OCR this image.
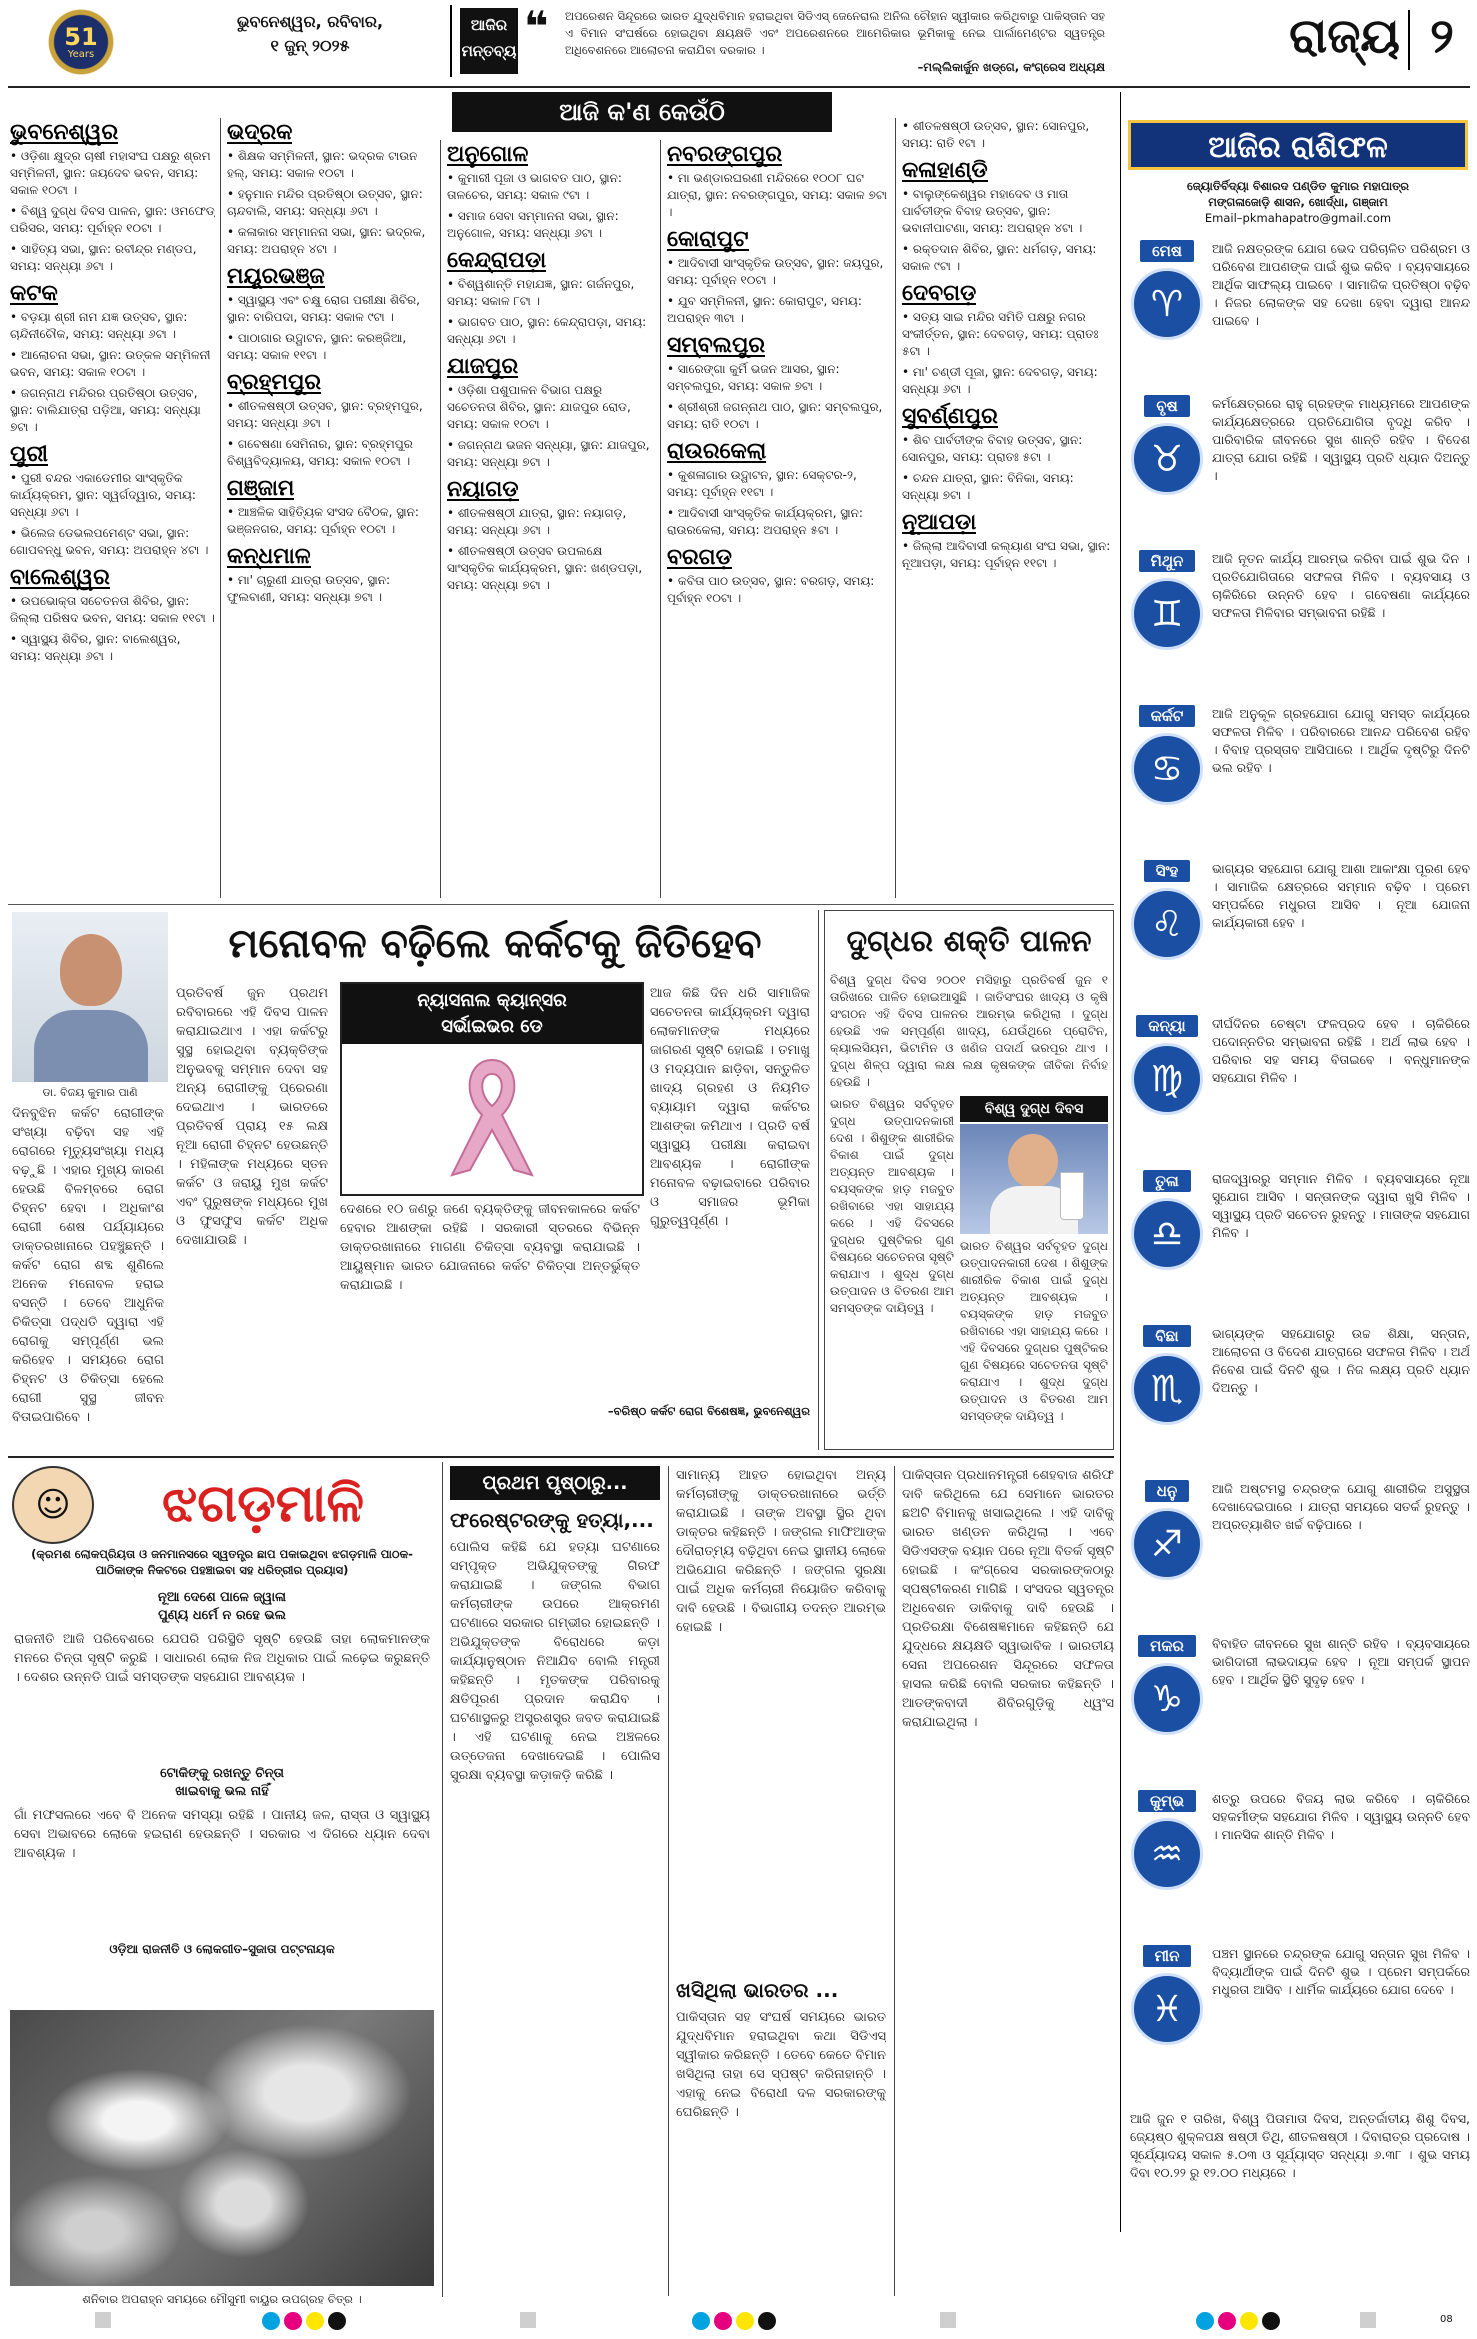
51
Years
ଭୁବନେଶ୍ୱର, ରବିବାର,
୧ ଜୁନ୍ ୨୦୨୫
ଆଜିର
ମନ୍ତବ୍ୟ ❝ ଅପରେଶନ ସିନ୍ଦୂରରେ ଭାରତ ଯୁଦ୍ଧବିମାନ ହରାଇଥିବା ସିଡିଏସ୍ ଜେନେରାଲ ଅନିଲ ଚୌହାନ ସ୍ୱୀକାର କରିଥିବାରୁ ପାକିସ୍ତାନ ସହ ଏ ବିମାନ ସଂଘର୍ଷରେ ହୋଇଥିବା କ୍ଷୟକ୍ଷତି ଏବଂ ଅପରେଶନରେ ଆମେରିକାର ଭୂମିକାକୁ ନେଇ ପାର୍ଲାମେଣ୍ଟର ସ୍ୱତନ୍ତ୍ର ଅଧିବେଶନରେ ଆଲୋଚନା କରାଯିବା ଦରକାର ।
–ମଲ୍ଲିକାର୍ଜୁନ ଖଡ୍ଗେ, କଂଗ୍ରେସ ଅଧ୍ୟକ୍ଷ
ରାଜ୍ୟ ୨
ଆଜି କ'ଣ କେଉଁଠି
ଭୁବନେଶ୍ୱର
• ଓଡ଼ିଶା କ୍ଷୁଦ୍ର ଚାଷୀ ମହାସଂଘ ପକ୍ଷରୁ ଶ୍ରମ ସମ୍ମିଳନୀ, ସ୍ଥାନ: ଜୟଦେବ ଭବନ, ସମୟ: ସକାଳ ୧୦ଟା ।
• ବିଶ୍ୱ ଦୁଗ୍ଧ ଦିବସ ପାଳନ, ସ୍ଥାନ: ଓମଫେଡ୍ ପରିସର, ସମୟ: ପୂର୍ବାହ୍ନ ୧୦ଟା ।
• ସାହିତ୍ୟ ସଭା, ସ୍ଥାନ: ରବୀନ୍ଦ୍ର ମଣ୍ଡପ, ସମୟ: ସନ୍ଧ୍ୟା ୬ଟା ।
କଟକ
• ବଡ଼ୟା ଶ୍ରୀ ନାମ ଯଜ୍ଞ ଉତ୍ସବ, ସ୍ଥାନ: ଚାନ୍ଦିନୀଚୌକ, ସମୟ: ସନ୍ଧ୍ୟା ୬ଟା ।
• ଆଲୋଚନା ସଭା, ସ୍ଥାନ: ଉତ୍କଳ ସମ୍ମିଳନୀ ଭବନ, ସମୟ: ସକାଳ ୧୦ଟା ।
• ଜଗନ୍ନାଥ ମନ୍ଦିରର ପ୍ରତିଷ୍ଠା ଉତ୍ସବ, ସ୍ଥାନ: ବାଲିଯାତ୍ରା ପଡ଼ିଆ, ସମୟ: ସନ୍ଧ୍ୟା ୭ଟା ।
ପୁରୀ
• ପୁରୀ ବନ୍ଦର ଏକାଡେମୀର ସାଂସ୍କୃତିକ କାର୍ଯ୍ୟକ୍ରମ, ସ୍ଥାନ: ସ୍ୱର୍ଗଦ୍ୱାର, ସମୟ: ସନ୍ଧ୍ୟା ୬ଟା ।
• ଭିଲେଜ ଡେଭଲପମେଣ୍ଟ ସଭା, ସ୍ଥାନ: ଗୋପବନ୍ଧୁ ଭବନ, ସମୟ: ଅପରାହ୍ନ ୪ଟା ।
ବାଲେଶ୍ୱର
• ଉପଭୋକ୍ତା ସଚେତନତା ଶିବିର, ସ୍ଥାନ: ଜିଲ୍ଲା ପରିଷଦ ଭବନ, ସମୟ: ସକାଳ ୧୧ଟା ।
• ସ୍ୱାସ୍ଥ୍ୟ ଶିବିର, ସ୍ଥାନ: ବାଲେଶ୍ୱର, ସମୟ: ସନ୍ଧ୍ୟା ୬ଟା ।
ଭଦ୍ରକ
• ଶିକ୍ଷକ ସମ୍ମିଳନୀ, ସ୍ଥାନ: ଭଦ୍ରକ ଟାଉନ ହଲ୍, ସମୟ: ସକାଳ ୧୦ଟା ।
• ହନୁମାନ ମନ୍ଦିର ପ୍ରତିଷ୍ଠା ଉତ୍ସବ, ସ୍ଥାନ: ଚାନ୍ଦବାଲି, ସମୟ: ସନ୍ଧ୍ୟା ୬ଟା ।
• କଳାକାର ସମ୍ମାନନା ସଭା, ସ୍ଥାନ: ଭଦ୍ରକ, ସମୟ: ଅପରାହ୍ନ ୪ଟା ।
ମୟୂରଭଞ୍ଜ
• ସ୍ୱାସ୍ଥ୍ୟ ଏବଂ ଚକ୍ଷୁ ରୋଗ ପରୀକ୍ଷା ଶିବିର, ସ୍ଥାନ: ବାରିପଦା, ସମୟ: ସକାଳ ୯ଟା ।
• ପାଠାଗାର ଉଦ୍ଘାଟନ, ସ୍ଥାନ: କରଞ୍ଜିଆ, ସମୟ: ସକାଳ ୧୧ଟା ।
ବ୍ରହ୍ମପୁର
• ଶୀତଳଷଷ୍ଠୀ ଉତ୍ସବ, ସ୍ଥାନ: ବ୍ରହ୍ମପୁର, ସମୟ: ସନ୍ଧ୍ୟା ୬ଟା ।
• ଗବେଷଣା ସେମିନାର, ସ୍ଥାନ: ବ୍ରହ୍ମପୁର ବିଶ୍ୱବିଦ୍ୟାଳୟ, ସମୟ: ସକାଳ ୧୦ଟା ।
ଗଞ୍ଜାମ
• ଆଞ୍ଚଳିକ ସାହିତ୍ୟିକ ସଂସଦ ବୈଠକ, ସ୍ଥାନ: ଭଞ୍ଜନଗର, ସମୟ: ପୂର୍ବାହ୍ନ ୧୦ଟା ।
କନ୍ଧମାଳ
• ମା' ଚାରୁଣୀ ଯାତ୍ରା ଉତ୍ସବ, ସ୍ଥାନ: ଫୁଲବାଣୀ, ସମୟ: ସନ୍ଧ୍ୟା ୭ଟା ।
ଅନୁଗୋଳ
• କୁମାରୀ ପୂଜା ଓ ଭାଗବତ ପାଠ, ସ୍ଥାନ: ତାଳଚେର, ସମୟ: ସକାଳ ୯ଟା ।
• ସମାଜ ସେବା ସମ୍ମାନନା ସଭା, ସ୍ଥାନ: ଅନୁଗୋଳ, ସମୟ: ସନ୍ଧ୍ୟା ୬ଟା ।
କେନ୍ଦ୍ରାପଡ଼ା
• ବିଶ୍ୱଶାନ୍ତି ମହାଯଜ୍ଞ, ସ୍ଥାନ: ଗର୍ଜନପୁର, ସମୟ: ସକାଳ ୮ଟା ।
• ଭାଗବତ ପାଠ, ସ୍ଥାନ: କେନ୍ଦ୍ରାପଡ଼ା, ସମୟ: ସନ୍ଧ୍ୟା ୬ଟା ।
ଯାଜପୁର
• ଓଡ଼ିଶା ପଶୁପାଳନ ବିଭାଗ ପକ୍ଷରୁ ସଚେତନତା ଶିବିର, ସ୍ଥାନ: ଯାଜପୁର ରୋଡ, ସମୟ: ସକାଳ ୧୦ଟା ।
• ଜଗନ୍ନାଥ ଭଜନ ସନ୍ଧ୍ୟା, ସ୍ଥାନ: ଯାଜପୁର, ସମୟ: ସନ୍ଧ୍ୟା ୭ଟା ।
ନୟାଗଡ଼
• ଶୀତଳଷଷ୍ଠୀ ଯାତ୍ରା, ସ୍ଥାନ: ନୟାଗଡ଼, ସମୟ: ସନ୍ଧ୍ୟା ୬ଟା ।
• ଶୀତଳଷଷ୍ଠୀ ଉତ୍ସବ ଉପଲକ୍ଷେ ସାଂସ୍କୃତିକ କାର୍ଯ୍ୟକ୍ରମ, ସ୍ଥାନ: ଖଣ୍ଡପଡ଼ା, ସମୟ: ସନ୍ଧ୍ୟା ୭ଟା ।
ନବରଙ୍ଗପୁର
• ମା ଭଣ୍ଡାରଘରଣୀ ମନ୍ଦିରରେ ୧୦୦୮ ଘଟ ଯାତ୍ରା, ସ୍ଥାନ: ନବରଙ୍ଗପୁର, ସମୟ: ସକାଳ ୭ଟା ।
କୋରାପୁଟ
• ଆଦିବାସୀ ସାଂସ୍କୃତିକ ଉତ୍ସବ, ସ୍ଥାନ: ଜୟପୁର, ସମୟ: ପୂର୍ବାହ୍ନ ୧୦ଟା ।
• ଯୁବ ସମ୍ମିଳନୀ, ସ୍ଥାନ: କୋରାପୁଟ, ସମୟ: ଅପରାହ୍ନ ୩ଟା ।
ସମ୍ବଲପୁର
• ସାରେଙ୍ଗା କୁର୍ମି ଭଜନ ଆସର, ସ୍ଥାନ: ସମ୍ବଲପୁର, ସମୟ: ସକାଳ ୭ଟା ।
• ଶ୍ରୀଶ୍ରୀ ଜଗନ୍ନାଥ ପାଠ, ସ୍ଥାନ: ସମ୍ବଲପୁର, ସମୟ: ରାତି ୧୦ଟା ।
ରାଉରକେଲା
• କୁଶଳାଗାର ଉଦ୍ଘାଟନ, ସ୍ଥାନ: ସେକ୍ଟର-୨, ସମୟ: ପୂର୍ବାହ୍ନ ୧୧ଟା ।
• ଆଦିବାସୀ ସାଂସ୍କୃତିକ କାର୍ଯ୍ୟକ୍ରମ, ସ୍ଥାନ: ରାଉରକେଲା, ସମୟ: ଅପରାହ୍ନ ୫ଟା ।
ବରଗଡ଼
• କବିତା ପାଠ ଉତ୍ସବ, ସ୍ଥାନ: ବରଗଡ଼, ସମୟ: ପୂର୍ବାହ୍ନ ୧୦ଟା ।
• ଶୀତଳଷଷ୍ଠୀ ଉତ୍ସବ, ସ୍ଥାନ: ସୋନପୁର, ସମୟ: ରାତି ୧ଟା ।
କଳାହାଣ୍ଡି
• ବାଲୁଙ୍କେଶ୍ୱର ମହାଦେବ ଓ ମାତା ପାର୍ବତୀଙ୍କ ବିବାହ ଉତ୍ସବ, ସ୍ଥାନ: ଭବାନୀପାଟଣା, ସମୟ: ଅପରାହ୍ନ ୪ଟା ।
• ରକ୍ତଦାନ ଶିବିର, ସ୍ଥାନ: ଧର୍ମଗଡ଼, ସମୟ: ସକାଳ ୯ଟା ।
ଦେବଗଡ଼
• ସତ୍ୟ ସାଇ ମନ୍ଦିର ସମିତି ପକ୍ଷରୁ ନଗର ସଂକୀର୍ତ୍ତନ, ସ୍ଥାନ: ଦେବଗଡ଼, ସମୟ: ପ୍ରାତଃ ୫ଟା ।
• ମା' ଚଣ୍ଡୀ ପୂଜା, ସ୍ଥାନ: ଦେବଗଡ଼, ସମୟ: ସନ୍ଧ୍ୟା ୬ଟା ।
ସୁବର୍ଣ୍ଣପୁର
• ଶିବ ପାର୍ବତୀଙ୍କ ବିବାହ ଉତ୍ସବ, ସ୍ଥାନ: ସୋନପୁର, ସମୟ: ପ୍ରାତଃ ୫ଟା ।
• ଚନ୍ଦନ ଯାତ୍ରା, ସ୍ଥାନ: ବିନିକା, ସମୟ: ସନ୍ଧ୍ୟା ୭ଟା ।
ନୂଆପଡ଼ା
• ଜିଲ୍ଲା ଆଦିବାସୀ କଲ୍ୟାଣ ସଂଘ ସଭା, ସ୍ଥାନ: ନୂଆପଡ଼ା, ସମୟ: ପୂର୍ବାହ୍ନ ୧୧ଟା ।
ଆଜିର ରାଶିଫଳ
ଜ୍ୟୋତିର୍ବିଦ୍ୟା ବିଶାରଦ ପଣ୍ଡିତ କୁମାର ମହାପାତ୍ର
ମଙ୍ଗଳାଜୋଡ଼ି ଶାସନ, ଖୋର୍ଦ୍ଧା, ଗଞ୍ଜାମ
Email–pkmahapatro@gmail.com
ମେଷ
♈
ଆଜି ନକ୍ଷତ୍ରଙ୍କ ଯୋଗ ଭେଦ ପରିଚାଳିତ ପରିଶ୍ରମ ଓ ପରିବେଶ ଆପଣଙ୍କ ପାଇଁ ଶୁଭ କରିବ । ବ୍ୟବସାୟରେ ଆର୍ଥିକ ସାଫଲ୍ୟ ପାଇବେ । ସାମାଜିକ ପ୍ରତିଷ୍ଠା ବଢ଼ିବ । ନିଜର ଲୋକଙ୍କ ସହ ଦେଖା ହେବା ଦ୍ୱାରା ଆନନ୍ଦ ପାଇବେ ।
ବୃଷ
♉
କର୍ମକ୍ଷେତ୍ରରେ ରାହୁ ଗ୍ରହଙ୍କ ମାଧ୍ୟମରେ ଆପଣଙ୍କ କାର୍ଯ୍ୟକ୍ଷେତ୍ରରେ ପ୍ରତିଯୋଗିତା ବୃଦ୍ଧି କରିବ । ପାରିବାରିକ ଜୀବନରେ ସୁଖ ଶାନ୍ତି ରହିବ । ବିଦେଶ ଯାତ୍ରା ଯୋଗ ରହିଛି । ସ୍ୱାସ୍ଥ୍ୟ ପ୍ରତି ଧ୍ୟାନ ଦିଅନ୍ତୁ ।
ମିଥୁନ
♊
ଆଜି ନୂତନ କାର୍ଯ୍ୟ ଆରମ୍ଭ କରିବା ପାଇଁ ଶୁଭ ଦିନ । ପ୍ରତିଯୋଗିତାରେ ସଫଳତା ମିଳିବ । ବ୍ୟବସାୟ ଓ ଚାକିରିରେ ଉନ୍ନତି ହେବ । ଗବେଷଣା କାର୍ଯ୍ୟରେ ସଫଳତା ମିଳିବାର ସମ୍ଭାବନା ରହିଛି ।
କର୍କଟ
♋
ଆଜି ଅନୁକୂଳ ଗ୍ରହଯୋଗ ଯୋଗୁ ସମସ୍ତ କାର୍ଯ୍ୟରେ ସଫଳତା ମିଳିବ । ପରିବାରରେ ଆନନ୍ଦ ପରିବେଶ ରହିବ । ବିବାହ ପ୍ରସ୍ତାବ ଆସିପାରେ । ଆର୍ଥିକ ଦୃଷ୍ଟିରୁ ଦିନଟି ଭଲ ରହିବ ।
ସିଂହ
♌
ଭାଗ୍ୟର ସହଯୋଗ ଯୋଗୁ ଆଶା ଆକାଂକ୍ଷା ପୂରଣ ହେବ । ସାମାଜିକ କ୍ଷେତ୍ରରେ ସମ୍ମାନ ବଢ଼ିବ । ପ୍ରେମ ସମ୍ପର୍କରେ ମଧୁରତା ଆସିବ । ନୂଆ ଯୋଜନା କାର୍ଯ୍ୟକାରୀ ହେବ ।
କନ୍ୟା
♍
ଦୀର୍ଘଦିନର ଚେଷ୍ଟା ଫଳପ୍ରଦ ହେବ । ଚାକିରିରେ ପଦୋନ୍ନତିର ସମ୍ଭାବନା ରହିଛି । ଅର୍ଥ ଲାଭ ହେବ । ପରିବାର ସହ ସମୟ ବିତାଇବେ । ବନ୍ଧୁମାନଙ୍କ ସହଯୋଗ ମିଳିବ ।
ତୁଳା
♎
ରାଜଦ୍ୱାରରୁ ସମ୍ମାନ ମିଳିବ । ବ୍ୟବସାୟରେ ନୂଆ ସୁଯୋଗ ଆସିବ । ସନ୍ତାନଙ୍କ ଦ୍ୱାରା ଖୁସି ମିଳିବ । ସ୍ୱାସ୍ଥ୍ୟ ପ୍ରତି ସଚେତନ ରୁହନ୍ତୁ । ମାତାଙ୍କ ସହଯୋଗ ମିଳିବ ।
ବିଛା
♏
ଭାଗ୍ୟଙ୍କ ସହଯୋଗରୁ ଉଚ୍ଚ ଶିକ୍ଷା, ସନ୍ତାନ, ଆଲୋଚନା ଓ ବିଦେଶ ଯାତ୍ରାରେ ସଫଳତା ମିଳିବ । ଅର୍ଥ ନିବେଶ ପାଇଁ ଦିନଟି ଶୁଭ । ନିଜ ଲକ୍ଷ୍ୟ ପ୍ରତି ଧ୍ୟାନ ଦିଅନ୍ତୁ ।
ଧନୁ
♐
ଆଜି ଅଷ୍ଟମସ୍ଥ ଚନ୍ଦ୍ରଙ୍କ ଯୋଗୁ ଶାରୀରିକ ଅସୁସ୍ଥତା ଦେଖାଦେଇପାରେ । ଯାତ୍ରା ସମୟରେ ସତର୍କ ରୁହନ୍ତୁ । ଅପ୍ରତ୍ୟାଶିତ ଖର୍ଚ୍ଚ ବଢ଼ିପାରେ ।
ମକର
♑
ବିବାହିତ ଜୀବନରେ ସୁଖ ଶାନ୍ତି ରହିବ । ବ୍ୟବସାୟରେ ଭାଗିଦାରୀ ଲାଭଦାୟକ ହେବ । ନୂଆ ସମ୍ପର୍କ ସ୍ଥାପନ ହେବ । ଆର୍ଥିକ ସ୍ଥିତି ସୁଦୃଢ଼ ହେବ ।
କୁମ୍ଭ
♒
ଶତ୍ରୁ ଉପରେ ବିଜୟ ଲାଭ କରିବେ । ଚାକିରିରେ ସହକର୍ମୀଙ୍କ ସହଯୋଗ ମିଳିବ । ସ୍ୱାସ୍ଥ୍ୟ ଉନ୍ନତି ହେବ । ମାନସିକ ଶାନ୍ତି ମିଳିବ ।
ମୀନ
♓
ପଞ୍ଚମ ସ୍ଥାନରେ ଚନ୍ଦ୍ରଙ୍କ ଯୋଗୁ ସନ୍ତାନ ସୁଖ ମିଳିବ । ବିଦ୍ୟାର୍ଥୀଙ୍କ ପାଇଁ ଦିନଟି ଶୁଭ । ପ୍ରେମ ସମ୍ପର୍କରେ ମଧୁରତା ଆସିବ । ଧାର୍ମିକ କାର୍ଯ୍ୟରେ ଯୋଗ ଦେବେ ।
ଆଜି ଜୁନ ୧ ତାରିଖ, ବିଶ୍ୱ ପିତାମାତା ଦିବସ, ଅନ୍ତର୍ଜାତୀୟ ଶିଶୁ ଦିବସ, ଜ୍ୟେଷ୍ଠ ଶୁକ୍ଳପକ୍ଷ ଷଷ୍ଠୀ ତିଥି, ଶୀତଳଷଷ୍ଠୀ । ଦିବାରାତ୍ର ପ୍ରଦୋଷ । ସୂର୍ଯ୍ୟୋଦୟ ସକାଳ ୫.୦୩ ଓ ସୂର୍ଯ୍ୟାସ୍ତ ସନ୍ଧ୍ୟା ୬.୩୮ । ଶୁଭ ସମୟ ଦିବା ୧୦.୨୨ ରୁ ୧୨.୦୦ ମଧ୍ୟରେ ।
ଡା. ବିଜୟ କୁମାର ପାଣି
ମନୋବଳ ବଢ଼ିଲେ କର୍କଟକୁ ଜିତିହେବ
ଦିନବୁଝିନ କର୍କଟ ରୋଗୀଙ୍କ ସଂଖ୍ୟା ବଢ଼ିବା ସହ ଏହି ରୋଗରେ ମୃତ୍ୟୁସଂଖ୍ୟା ମଧ୍ୟ ବଢ଼ୁଛି । ଏହାର ମୁଖ୍ୟ କାରଣ ହେଉଛି ବିଳମ୍ବରେ ରୋଗ ଚିହ୍ନଟ ହେବା । ଅଧିକାଂଶ ରୋଗୀ ଶେଷ ପର୍ଯ୍ୟାୟରେ ଡାକ୍ତରଖାନାରେ ପହଞ୍ଚୁଛନ୍ତି । କର୍କଟ ରୋଗ ଶବ୍ଦ ଶୁଣିଲେ ଅନେକ ମନୋବଳ ହରାଇ ବସନ୍ତି । ତେବେ ଆଧୁନିକ ଚିକିତ୍ସା ପଦ୍ଧତି ଦ୍ୱାରା ଏହି ରୋଗକୁ ସମ୍ପୂର୍ଣ୍ଣ ଭଲ କରିହେବ । ସମୟରେ ରୋଗ ଚିହ୍ନଟ ଓ ଚିକିତ୍ସା ହେଲେ ରୋଗୀ ସୁସ୍ଥ ଜୀବନ ବିତାଇପାରିବେ ।
ପ୍ରତିବର୍ଷ ଜୁନ ପ୍ରଥମ ରବିବାରରେ ଏହି ଦିବସ ପାଳନ କରାଯାଇଥାଏ । ଏହା କର୍କଟରୁ ସୁସ୍ଥ ହୋଇଥିବା ବ୍ୟକ୍ତିଙ୍କ ଅନୁଭବକୁ ସମ୍ମାନ ଦେବା ସହ ଅନ୍ୟ ରୋଗୀଙ୍କୁ ପ୍ରେରଣା ଦେଇଥାଏ । ଭାରତରେ ପ୍ରତିବର୍ଷ ପ୍ରାୟ ୧୫ ଲକ୍ଷ ନୂଆ ରୋଗୀ ଚିହ୍ନଟ ହେଉଛନ୍ତି । ମହିଳାଙ୍କ ମଧ୍ୟରେ ସ୍ତନ କର୍କଟ ଓ ଜରାୟୁ ମୁଖ କର୍କଟ ଏବଂ ପୁରୁଷଙ୍କ ମଧ୍ୟରେ ମୁଖ ଓ ଫୁସଫୁସ କର୍କଟ ଅଧିକ ଦେଖାଯାଉଛି ।
ନ୍ୟାସନାଲ କ୍ୟାନ୍ସର
ସର୍ଭାଇଭର ଡେ
ଆଜ କିଛି ଦିନ ଧରି ସାମାଜିକ ସଚେତନତା କାର୍ଯ୍ୟକ୍ରମ ଦ୍ୱାରା ଲୋକମାନଙ୍କ ମଧ୍ୟରେ ଜାଗରଣ ସୃଷ୍ଟି ହୋଇଛି । ତମାଖୁ ଓ ମଦ୍ୟପାନ ଛାଡ଼ିବା, ସନ୍ତୁଳିତ ଖାଦ୍ୟ ଗ୍ରହଣ ଓ ନିୟମିତ ବ୍ୟାୟାମ ଦ୍ୱାରା କର୍କଟର ଆଶଙ୍କା କମିଥାଏ । ପ୍ରତି ବର୍ଷ ସ୍ୱାସ୍ଥ୍ୟ ପରୀକ୍ଷା କରାଇବା ଆବଶ୍ୟକ । ରୋଗୀଙ୍କ ମନୋବଳ ବଢ଼ାଇବାରେ ପରିବାର ଓ ସମାଜର ଭୂମିକା ଗୁରୁତ୍ୱପୂର୍ଣ୍ଣ ।
ଦେଶରେ ୧୦ ଜଣରୁ ଜଣେ ବ୍ୟକ୍ତିଙ୍କୁ ଜୀବନକାଳରେ କର୍କଟ ହେବାର ଆଶଙ୍କା ରହିଛି । ସରକାରୀ ସ୍ତରରେ ବିଭିନ୍ନ ଡାକ୍ତରଖାନାରେ ମାଗଣା ଚିକିତ୍ସା ବ୍ୟବସ୍ଥା କରାଯାଇଛି । ଆୟୁଷ୍ମାନ ଭାରତ ଯୋଜନାରେ କର୍କଟ ଚିକିତ୍ସା ଅନ୍ତର୍ଭୁକ୍ତ କରାଯାଇଛି ।
–ବରିଷ୍ଠ କର୍କଟ ରୋଗ ବିଶେଷଜ୍ଞ, ଭୁବନେଶ୍ୱର
ଦୁଗ୍ଧର ଶକ୍ତି ପାଳନ
ବିଶ୍ୱ ଦୁଗ୍ଧ ଦିବସ ୨୦୦୧ ମସିହାରୁ ପ୍ରତିବର୍ଷ ଜୁନ ୧ ତାରିଖରେ ପାଳିତ ହୋଇଆସୁଛି । ଜାତିସଂଘର ଖାଦ୍ୟ ଓ କୃଷି ସଂଗଠନ ଏହି ଦିବସ ପାଳନର ଆରମ୍ଭ କରିଥିଲା । ଦୁଗ୍ଧ ହେଉଛି ଏକ ସମ୍ପୂର୍ଣ୍ଣ ଖାଦ୍ୟ, ଯେଉଁଥିରେ ପ୍ରୋଟିନ, କ୍ୟାଲସିୟମ, ଭିଟାମିନ ଓ ଖଣିଜ ପଦାର୍ଥ ଭରପୂର ଥାଏ । ଦୁଗ୍ଧ ଶିଳ୍ପ ଦ୍ୱାରା ଲକ୍ଷ ଲକ୍ଷ କୃଷକଙ୍କ ଜୀବିକା ନିର୍ବାହ ହେଉଛି ।
ବିଶ୍ୱ ଦୁଗ୍ଧ ଦିବସ
ଭାରତ ବିଶ୍ୱର ସର୍ବବୃହତ ଦୁଗ୍ଧ ଉତ୍ପାଦନକାରୀ ଦେଶ । ଶିଶୁଙ୍କ ଶାରୀରିକ ବିକାଶ ପାଇଁ ଦୁଗ୍ଧ ଅତ୍ୟନ୍ତ ଆବଶ୍ୟକ । ବୟସ୍କଙ୍କ ହାଡ଼ ମଜବୁତ ରଖିବାରେ ଏହା ସାହାଯ୍ୟ କରେ । ଏହି ଦିବସରେ ଦୁଗ୍ଧର ପୁଷ୍ଟିକର ଗୁଣ ବିଷୟରେ ସଚେତନତା ସୃଷ୍ଟି କରାଯାଏ । ଶୁଦ୍ଧ ଦୁଗ୍ଧ ଉତ୍ପାଦନ ଓ ବିତରଣ ଆମ ସମସ୍ତଙ୍କ ଦାୟିତ୍ୱ ।
ଭାରତ ବିଶ୍ୱର ସର୍ବବୃହତ ଦୁଗ୍ଧ ଉତ୍ପାଦନକାରୀ ଦେଶ । ଶିଶୁଙ୍କ ଶାରୀରିକ ବିକାଶ ପାଇଁ ଦୁଗ୍ଧ ଅତ୍ୟନ୍ତ ଆବଶ୍ୟକ । ବୟସ୍କଙ୍କ ହାଡ଼ ମଜବୁତ ରଖିବାରେ ଏହା ସାହାଯ୍ୟ କରେ । ଏହି ଦିବସରେ ଦୁଗ୍ଧର ପୁଷ୍ଟିକର ଗୁଣ ବିଷୟରେ ସଚେତନତା ସୃଷ୍ଟି କରାଯାଏ । ଶୁଦ୍ଧ ଦୁଗ୍ଧ ଉତ୍ପାଦନ ଓ ବିତରଣ ଆମ ସମସ୍ତଙ୍କ ଦାୟିତ୍ୱ ।
☺	ଝଗଡ଼ମାଳି
(କ୍ରମଶ ଲୋକପ୍ରିୟତା ଓ ଜନମାନସରେ ସ୍ୱତନ୍ତ୍ର ଛାପ ପକାଇଥିବା ଝଗଡ଼ମାଳି ପାଠକ-ପାଠିକାଙ୍କ ନିକଟରେ ପହଞ୍ଚାଇବା ସହ ଧରିତ୍ରୀର ପ୍ରୟାସ)
ନୂଆ ଦେଶେ ପାଳେ ଜ୍ୱାଳା
ପୁଣ୍ୟ ଧର୍ମେ ନ ରହେ ଭଲ
ରାଜନୀତି ଆଜି ପରିବେଶରେ ଯେପରି ପରିସ୍ଥିତି ସୃଷ୍ଟି ହେଉଛି ତାହା ଲୋକମାନଙ୍କ ମନରେ ଚିନ୍ତା ସୃଷ୍ଟି କରୁଛି । ସାଧାରଣ ଲୋକ ନିଜ ଅଧିକାର ପାଇଁ ଲଢ଼େଇ କରୁଛନ୍ତି । ଦେଶର ଉନ୍ନତି ପାଇଁ ସମସ୍ତଙ୍କ ସହଯୋଗ ଆବଶ୍ୟକ ।
ଟୋକିଙ୍କୁ ରଖନ୍ତୁ ଚିନ୍ତା
ଖାଇବାକୁ ଭଲ ନାହିଁ
ଗାଁ ମଫସଲରେ ଏବେ ବି ଅନେକ ସମସ୍ୟା ରହିଛି । ପାନୀୟ ଜଳ, ରାସ୍ତା ଓ ସ୍ୱାସ୍ଥ୍ୟ ସେବା ଅଭାବରେ ଲୋକେ ହଇରାଣ ହେଉଛନ୍ତି । ସରକାର ଏ ଦିଗରେ ଧ୍ୟାନ ଦେବା ଆବଶ୍ୟକ ।
ଓଡ଼ିଆ ରାଜନୀତି ଓ ଲୋକଗୀତ–ସୁଜାତା ପଟ୍ଟନାୟକ
ଶନିବାର ଅପରାହ୍ନ ସମୟରେ ମୌସୁମୀ ବାୟୁର ଉପଗ୍ରହ ଚିତ୍ର ।
ପ୍ରଥମ ପୃଷ୍ଠାରୁ...
ଫରେଷ୍ଟରଙ୍କୁ ହତ୍ୟା,...
ପୋଲିସ କହିଛି ଯେ ହତ୍ୟା ଘଟଣାରେ ସମ୍ପୃକ୍ତ ଅଭିଯୁକ୍ତଙ୍କୁ ଗିରଫ କରାଯାଇଛି । ଜଙ୍ଗଲ ବିଭାଗ କର୍ମଚାରୀଙ୍କ ଉପରେ ଆକ୍ରମଣ ଘଟଣାରେ ସରକାର ଗମ୍ଭୀର ହୋଇଛନ୍ତି । ଅଭିଯୁକ୍ତଙ୍କ ବିରୋଧରେ କଡ଼ା କାର୍ଯ୍ୟାନୁଷ୍ଠାନ ନିଆଯିବ ବୋଲି ମନ୍ତ୍ରୀ କହିଛନ୍ତି । ମୃତକଙ୍କ ପରିବାରକୁ କ୍ଷତିପୂରଣ ପ୍ରଦାନ କରାଯିବ । ଘଟଣାସ୍ଥଳରୁ ଅସ୍ତ୍ରଶସ୍ତ୍ର ଜବତ କରାଯାଇଛି । ଏହି ଘଟଣାକୁ ନେଇ ଅଞ୍ଚଳରେ ଉତ୍ତେଜନା ଦେଖାଦେଇଛି । ପୋଲିସ ସୁରକ୍ଷା ବ୍ୟବସ୍ଥା କଡ଼ାକଡ଼ି କରିଛି ।
ସାମାନ୍ୟ ଆହତ ହୋଇଥିବା ଅନ୍ୟ କର୍ମଚାରୀଙ୍କୁ ଡାକ୍ତରଖାନାରେ ଭର୍ତ୍ତି କରାଯାଇଛି । ତାଙ୍କ ଅବସ୍ଥା ସ୍ଥିର ଥିବା ଡାକ୍ତର କହିଛନ୍ତି । ଜଙ୍ଗଲ ମାଫିଆଙ୍କ ଦୌରାତ୍ମ୍ୟ ବଢ଼ିଥିବା ନେଇ ସ୍ଥାନୀୟ ଲୋକେ ଅଭିଯୋଗ କରିଛନ୍ତି । ଜଙ୍ଗଲ ସୁରକ୍ଷା ପାଇଁ ଅଧିକ କର୍ମଚାରୀ ନିୟୋଜିତ କରିବାକୁ ଦାବି ହେଉଛି । ବିଭାଗୀୟ ତଦନ୍ତ ଆରମ୍ଭ ହୋଇଛି ।
ଖସିଥିଲା ଭାରତର ...
ପାକିସ୍ତାନ ସହ ସଂଘର୍ଷ ସମୟରେ ଭାରତ ଯୁଦ୍ଧବିମାନ ହରାଇଥିବା କଥା ସିଡିଏସ୍ ସ୍ୱୀକାର କରିଛନ୍ତି । ତେବେ କେତେ ବିମାନ ଖସିଥିଲା ତାହା ସେ ସ୍ପଷ୍ଟ କରିନାହାନ୍ତି । ଏହାକୁ ନେଇ ବିରୋଧୀ ଦଳ ସରକାରଙ୍କୁ ଘେରିଛନ୍ତି ।
ପାକିସ୍ତାନ ପ୍ରଧାନମନ୍ତ୍ରୀ ଶେହବାଜ ଶରିଫ ଦାବି କରିଥିଲେ ଯେ ସେମାନେ ଭାରତର ଛଅଟି ବିମାନକୁ ଖସାଇଥିଲେ । ଏହି ଦାବିକୁ ଭାରତ ଖଣ୍ଡନ କରିଥିଲା । ଏବେ ସିଡିଏସଙ୍କ ବୟାନ ପରେ ନୂଆ ବିତର୍କ ସୃଷ୍ଟି ହୋଇଛି । କଂଗ୍ରେସ ସରକାରଙ୍କଠାରୁ ସ୍ପଷ୍ଟୀକରଣ ମାଗିଛି । ସଂସଦର ସ୍ୱତନ୍ତ୍ର ଅଧିବେଶନ ଡାକିବାକୁ ଦାବି ହେଉଛି । ପ୍ରତିରକ୍ଷା ବିଶେଷଜ୍ଞମାନେ କହିଛନ୍ତି ଯେ ଯୁଦ୍ଧରେ କ୍ଷୟକ୍ଷତି ସ୍ୱାଭାବିକ । ଭାରତୀୟ ସେନା ଅପରେଶନ ସିନ୍ଦୂରରେ ସଫଳତା ହାସଲ କରିଛି ବୋଲି ସରକାର କହିଛନ୍ତି । ଆତଙ୍କବାଦୀ ଶିବିରଗୁଡ଼ିକୁ ଧ୍ୱଂସ କରାଯାଇଥିଲା ।
08
